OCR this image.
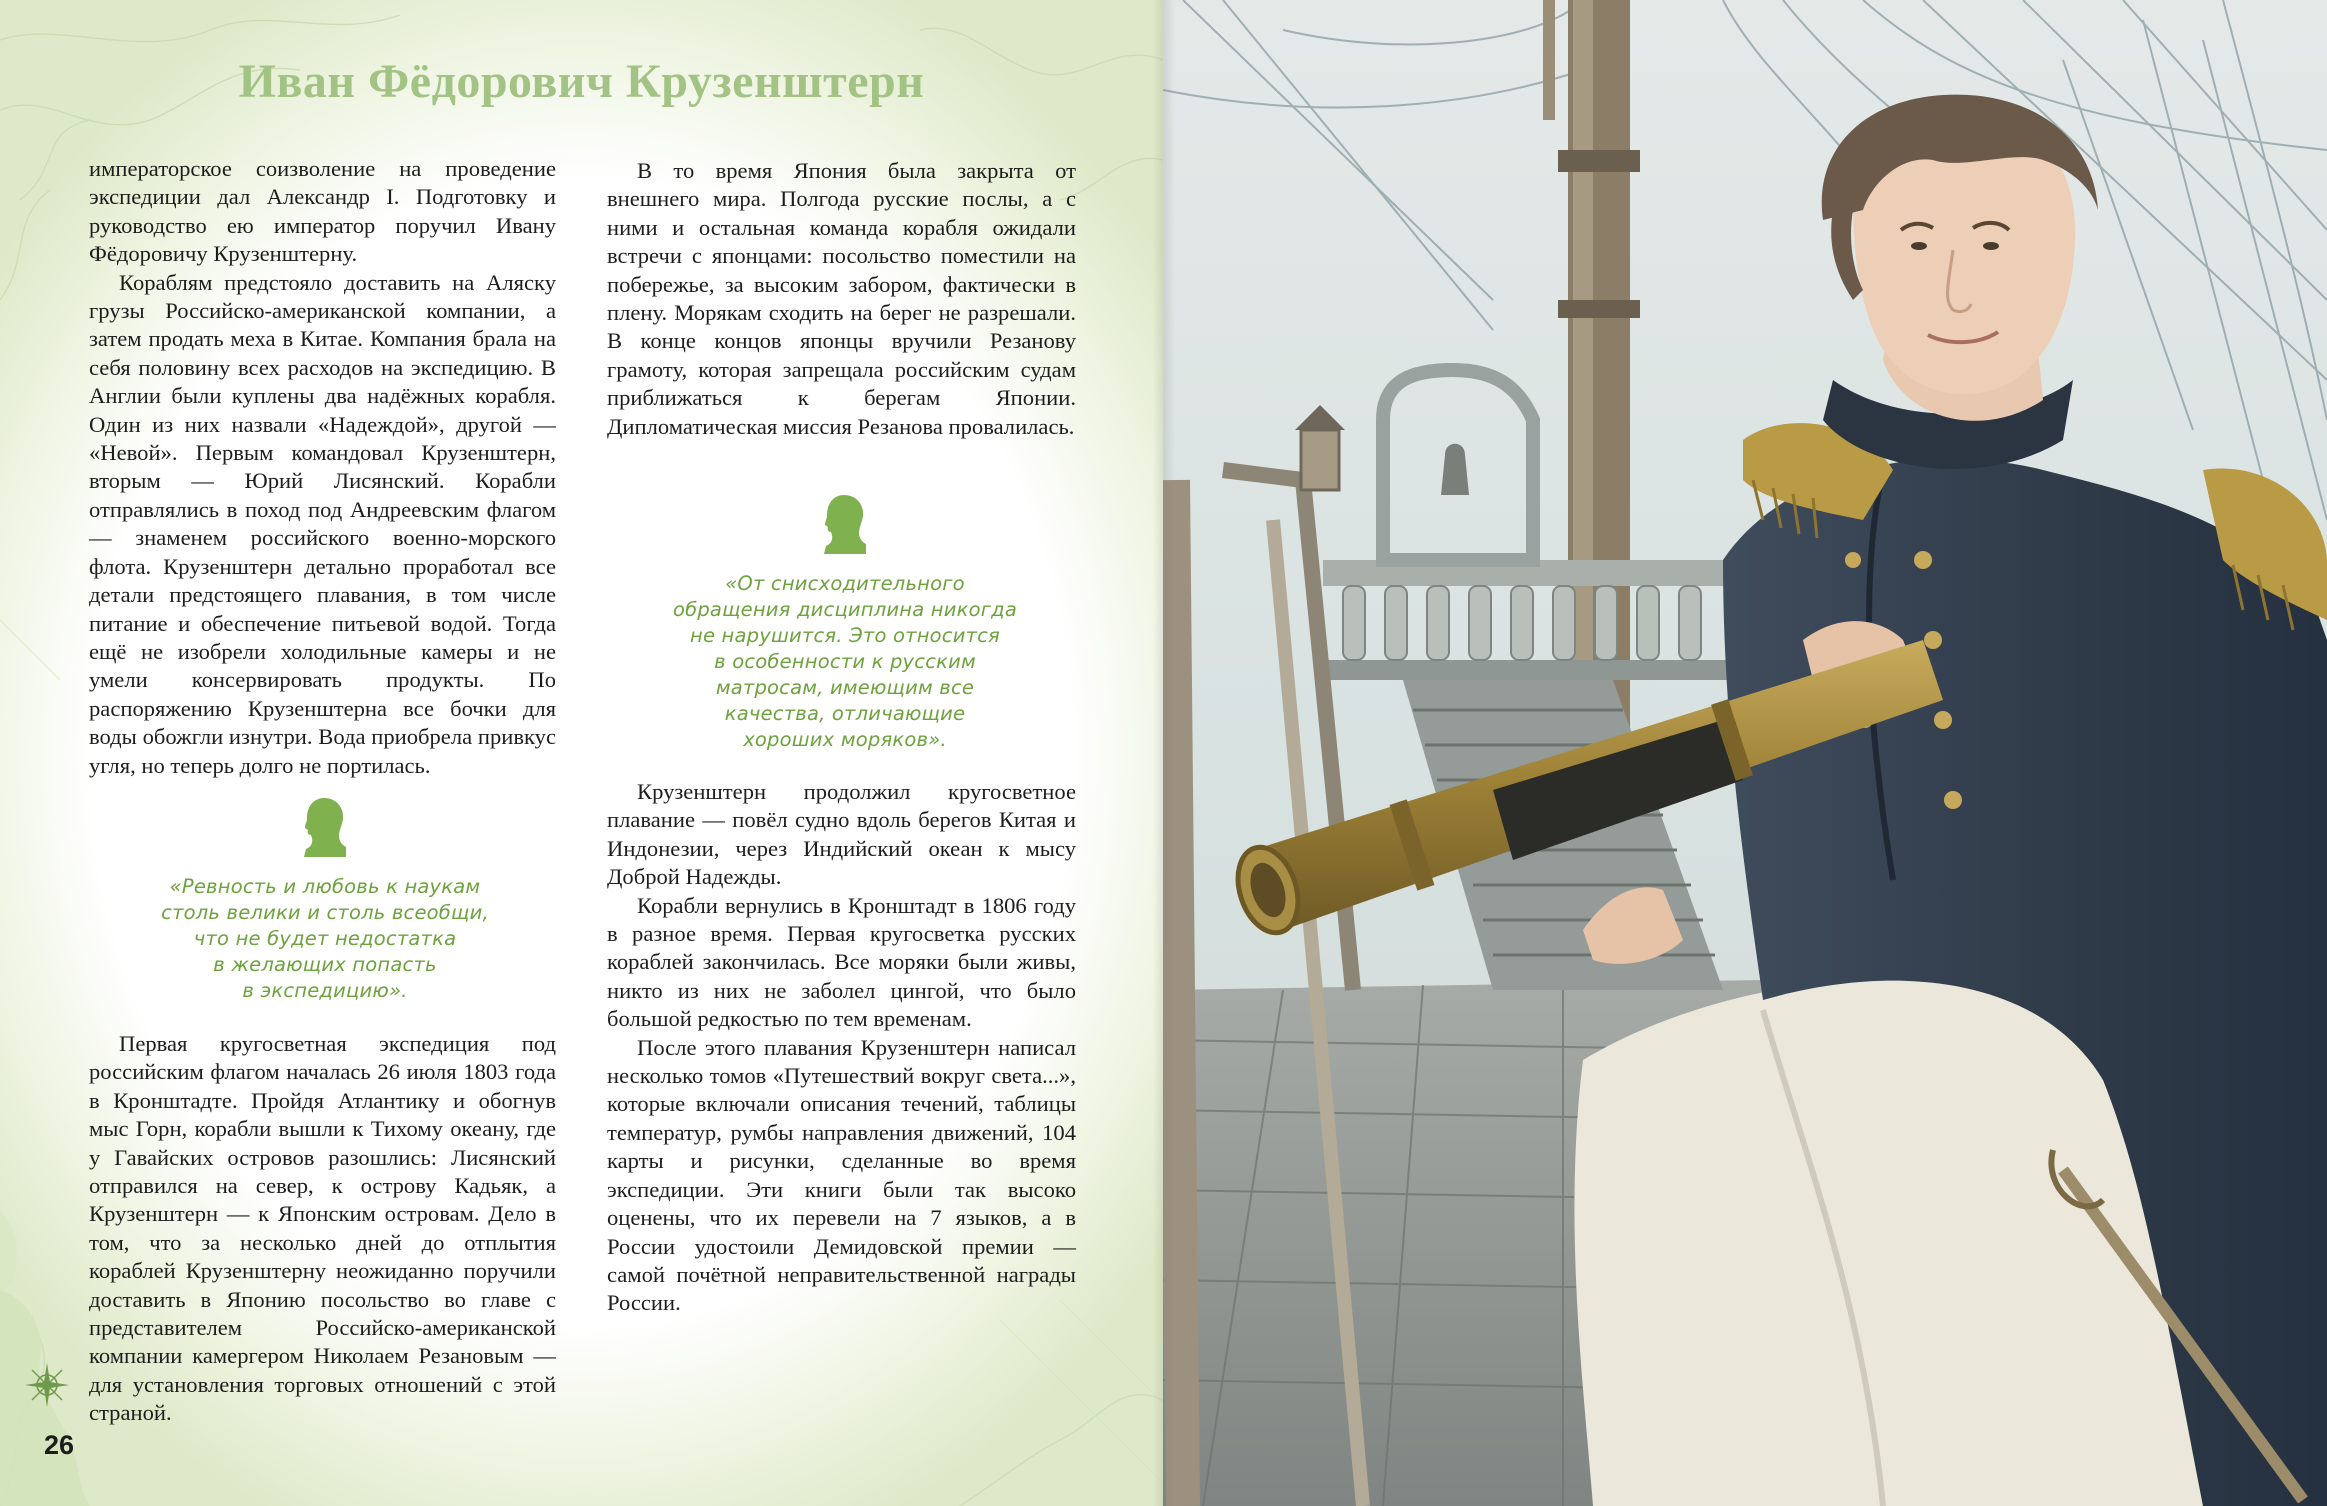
Иван Фёдорович Крузенштерн

императорское соизволение на проведение экспедиции дал Александр I. Подготовку и руководство ею император поручил Ивану Фёдоровичу Крузенштерну.

Кораблям предстояло доставить на Аляску грузы Российско-американской компании, а затем продать меха в Китае. Компания брала на себя половину всех расходов на экспедицию. В Англии были куплены два надёжных корабля. Один из них назвали «Надеждой», другой — «Невой». Первым командовал Крузенштерн, вторым — Юрий Лисянский. Корабли отправлялись в поход под Андреевским флагом — знаменем российского военно-морского флота. Крузенштерн детально проработал все детали предстоящего плавания, в том числе питание и обеспечение питьевой водой. Тогда ещё не изобрели холодильные камеры и не умели консервировать продукты. По распоряжению Крузенштерна все бочки для воды обожгли изнутри. Вода приобрела привкус угля, но теперь долго не портилась.

«Ревность и любовь к наукам
столь велики и столь всеобщи,
что не будет недостатка
в желающих попасть
в экспедицию».

Первая кругосветная экспедиция под российским флагом началась 26 июля 1803 года в Кронштадте. Пройдя Атлантику и обогнув мыс Горн, корабли вышли к Тихому океану, где у Гавайских островов разошлись: Лисянский отправился на север, к острову Кадьяк, а Крузенштерн — к Японским островам. Дело в том, что за несколько дней до отплытия кораблей Крузенштерну неожиданно поручили доставить в Японию посольство во главе с представителем Российско-американской компании камергером Николаем Резановым — для установления торговых отношений с этой страной.

В то время Япония была закрыта от внешнего мира. Полгода русские послы, а с ними и остальная команда корабля ожидали встречи с японцами: посольство поместили на побережье, за высоким забором, фактически в плену. Морякам сходить на берег не разрешали. В конце концов японцы вручили Резанову грамоту, которая запрещала российским судам приближаться к берегам Японии. Дипломатическая миссия Резанова провалилась.

«От снисходительного
обращения дисциплина никогда
не нарушится. Это относится
в особенности к русским
матросам, имеющим все
качества, отличающие
хороших моряков».

Крузенштерн продолжил кругосветное плавание — повёл судно вдоль берегов Китая и Индонезии, через Индийский океан к мысу Доброй Надежды.

Корабли вернулись в Кронштадт в 1806 году в разное время. Первая кругосветка русских кораблей закончилась. Все моряки были живы, никто из них не заболел цингой, что было большой редкостью по тем временам.

После этого плавания Крузенштерн написал несколько томов «Путешествий вокруг света...», которые включали описания течений, таблицы температур, румбы направления движений, 104 карты и рисунки, сделанные во время экспедиции. Эти книги были так высоко оценены, что их перевели на 7 языков, а в России удостоили Демидовской премии — самой почётной неправительственной награды России.

26
